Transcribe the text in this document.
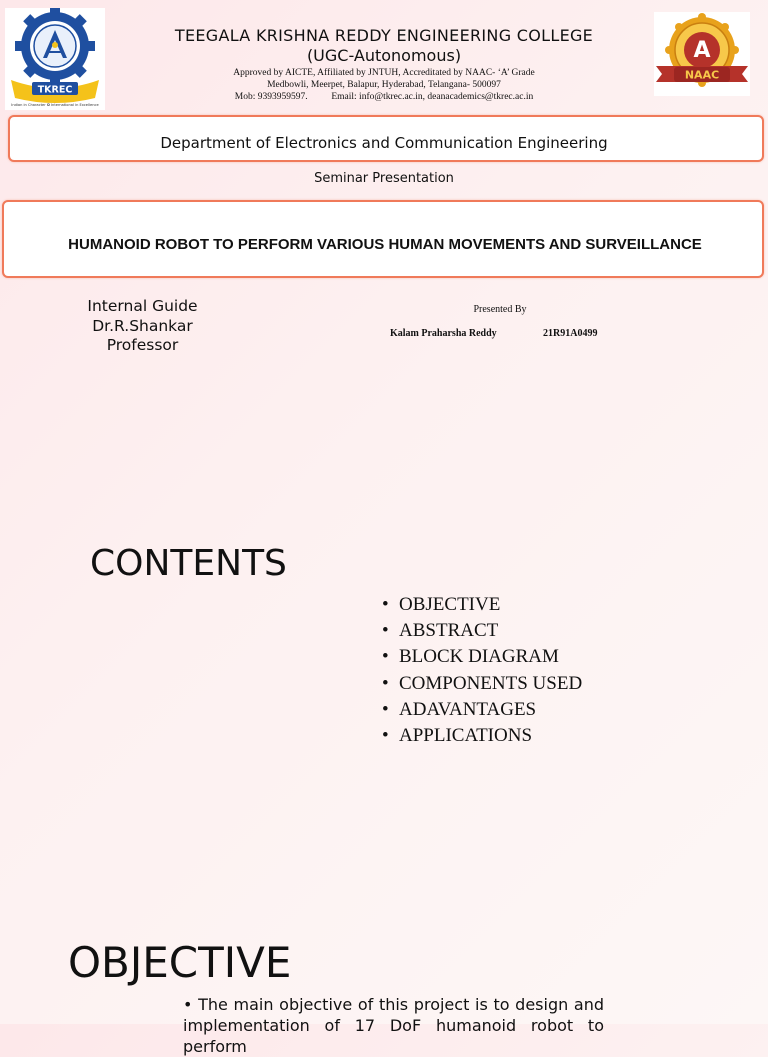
TKREC
Indian in Character ✪ International in Excellence
TEEGALA KRISHNA REDDY ENGINEERING COLLEGE
(UGC-Autonomous)
Approved by AICTE, Affiliated by JNTUH, Accreditated by NAAC- ‘A’ Grade
Medbowli, Meerpet, Balapur, Hyderabad, Telangana- 500097
Mob: 9393959597.          Email: info@tkrec.ac.in, deanacademics@tkrec.ac.in
A
NAAC
Department of Electronics and Communication Engineering
Seminar Presentation
HUMANOID ROBOT TO PERFORM VARIOUS HUMAN MOVEMENTS AND SURVEILLANCE
Internal Guide
Dr.R.Shankar
Professor
Presented By
Kalam Praharsha Reddy	21R91A0499
CONTENTS
• OBJECTIVE
• ABSTRACT
• BLOCK DIAGRAM
• COMPONENTS USED
• ADAVANTAGES
• APPLICATIONS
OBJECTIVE
• The main objective of this project is to design and implementation of 17 DoF humanoid robot to perform
